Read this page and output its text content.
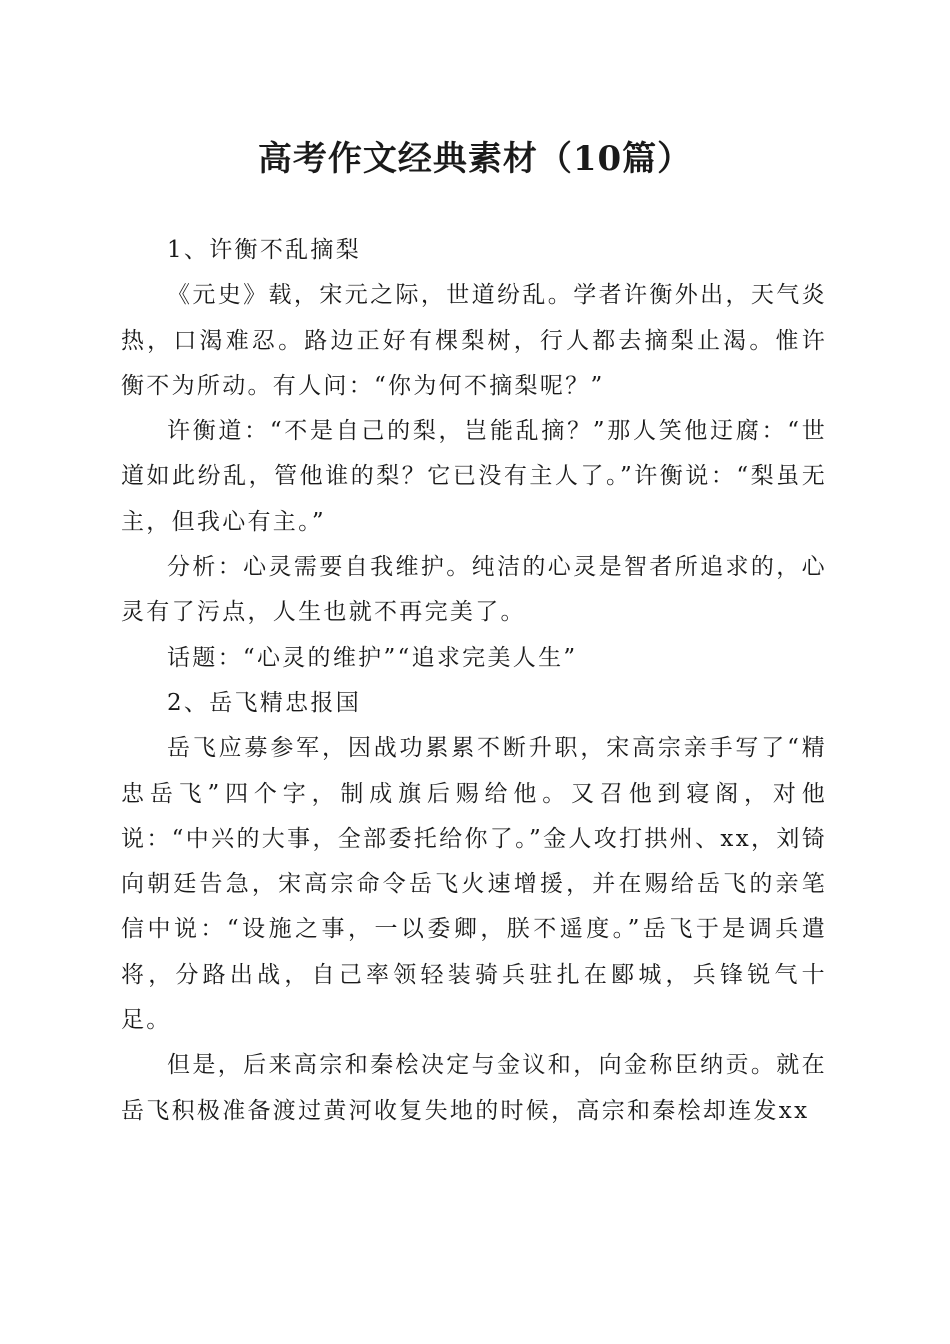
高考作文经典素材（10篇）

1、许衡不乱摘梨

《元史》载，宋元之际，世道纷乱。学者许衡外出，天气炎热，口渴难忍。路边正好有棵梨树，行人都去摘梨止渴。惟许衡不为所动。有人问：“你为何不摘梨呢？”

许衡道：“不是自己的梨，岂能乱摘？”那人笑他迂腐：“世道如此纷乱，管他谁的梨？它已没有主人了。”许衡说：“梨虽无主，但我心有主。”

分析：心灵需要自我维护。纯洁的心灵是智者所追求的，心灵有了污点，人生也就不再完美了。

话题：“心灵的维护”“追求完美人生”

2、岳飞精忠报国

岳飞应募参军，因战功累累不断升职，宋高宗亲手写了“精忠岳飞”四个字，制成旗后赐给他。又召他到寝阁，对他说：“中兴的大事，全部委托给你了。”金人攻打拱州、xx，刘锜向朝廷告急，宋高宗命令岳飞火速增援，并在赐给岳飞的亲笔信中说：“设施之事，一以委卿，朕不遥度。”岳飞于是调兵遣将，分路出战，自己率领轻装骑兵驻扎在郾城，兵锋锐气十足。

但是，后来高宗和秦桧决定与金议和，向金称臣纳贡。就在岳飞积极准备渡过黄河收复失地的时候，高宗和秦桧却连发xx
